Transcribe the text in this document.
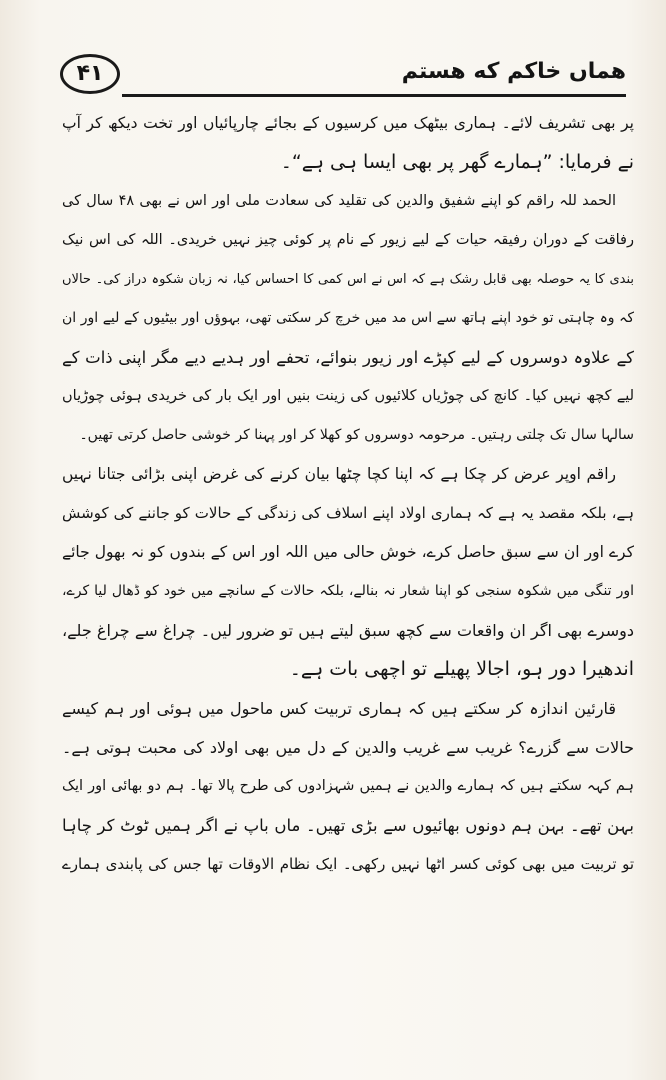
۴۱	هماں خاکم که هستم
پر بھی تشریف لائے۔ ہماری بیٹھک میں کرسیوں کے بجائے چارپائیاں اور تخت دیکھ کر آپ
نے فرمایا: ”ہمارے گھر پر بھی ایسا ہی ہے“۔
الحمد للہ راقم کو اپنے شفیق والدین کی تقلید کی سعادت ملی اور اس نے بھی ۴۸ سال کی
رفاقت کے دوران رفیقہ حیات کے لیے زیور کے نام پر کوئی چیز نہیں خریدی۔ اللہ کی اس نیک
بندی کا یہ حوصلہ بھی قابل رشک ہے کہ اس نے اس کمی کا احساس کیا، نہ زبان شکوہ دراز کی۔ حالاں
کہ وہ چاہتی تو خود اپنے ہاتھ سے اس مد میں خرچ کر سکتی تھی، بہوؤں اور بیٹیوں کے لیے اور ان
کے علاوہ دوسروں کے لیے کپڑے اور زیور بنوائے، تحفے اور ہدیے دیے مگر اپنی ذات کے
لیے کچھ نہیں کیا۔ کانچ کی چوڑیاں کلائیوں کی زینت بنیں اور ایک بار کی خریدی ہوئی چوڑیاں
سالہا سال تک چلتی رہتیں۔ مرحومہ دوسروں کو کھلا کر اور پہنا کر خوشی حاصل کرتی تھیں۔
راقم اوپر عرض کر چکا ہے کہ اپنا کچا چٹھا بیان کرنے کی غرض اپنی بڑائی جتانا نہیں
ہے، بلکہ مقصد یہ ہے کہ ہماری اولاد اپنے اسلاف کی زندگی کے حالات کو جاننے کی کوشش
کرے اور ان سے سبق حاصل کرے، خوش حالی میں اللہ اور اس کے بندوں کو نہ بھول جائے
اور تنگی میں شکوہ سنجی کو اپنا شعار نہ بنالے، بلکہ حالات کے سانچے میں خود کو ڈھال لیا کرے،
دوسرے بھی اگر ان واقعات سے کچھ سبق لیتے ہیں تو ضرور لیں۔ چراغ سے چراغ جلے،
اندھیرا دور ہو، اجالا پھیلے تو اچھی بات ہے۔
قارئین اندازہ کر سکتے ہیں کہ ہماری تربیت کس ماحول میں ہوئی اور ہم کیسے
حالات سے گزرے؟ غریب سے غریب والدین کے دل میں بھی اولاد کی محبت ہوتی ہے۔
ہم کہہ سکتے ہیں کہ ہمارے والدین نے ہمیں شہزادوں کی طرح پالا تھا۔ ہم دو بھائی اور ایک
بہن تھے۔ بہن ہم دونوں بھائیوں سے بڑی تھیں۔ ماں باپ نے اگر ہمیں ٹوٹ کر چاہا
تو تربیت میں بھی کوئی کسر اٹھا نہیں رکھی۔ ایک نظام الاوقات تھا جس کی پابندی ہمارے
